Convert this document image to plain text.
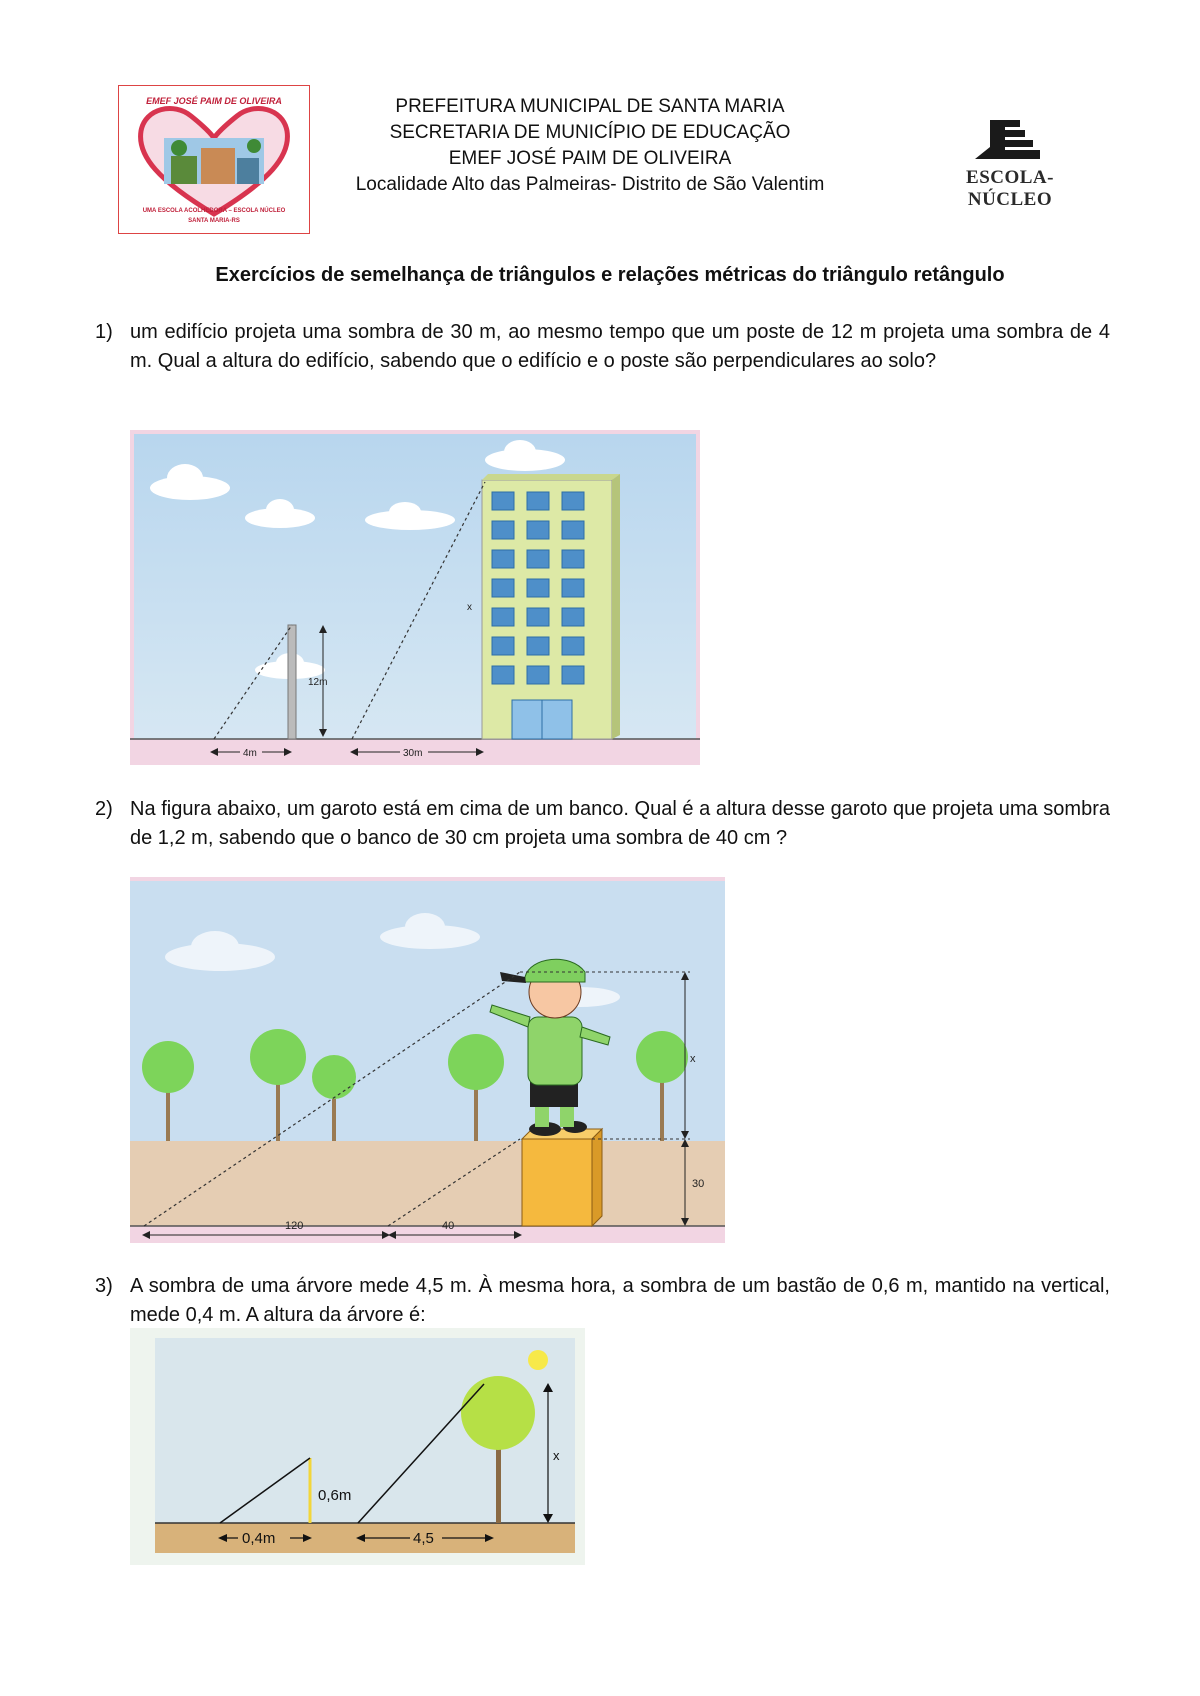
EMEF JOSÉ PAIM DE OLIVEIRA
UMA ESCOLA ACOLHEDORA – ESCOLA NÚCLEO
SANTA MARIA-RS
PREFEITURA MUNICIPAL DE SANTA MARIA
SECRETARIA DE MUNICÍPIO DE EDUCAÇÃO
EMEF JOSÉ PAIM DE OLIVEIRA
Localidade Alto das Palmeiras- Distrito de São Valentim	ESCOLA-NÚCLEO
Exercícios de semelhança de triângulos e relações métricas do triângulo retângulo
1) um edifício projeta uma sombra de 30 m, ao mesmo tempo que um poste de 12 m projeta uma sombra de 4 m. Qual a altura do edifício, sabendo que o edifício e o poste são perpendiculares ao solo?
12m
x
4m	30m
2) Na figura abaixo, um garoto está em cima de um banco. Qual é a altura desse garoto que projeta uma sombra de 1,2 m, sabendo que o banco de 30 cm projeta uma sombra de 40 cm ?
x
30
120	40
3) A sombra de uma árvore mede 4,5 m. À mesma hora, a sombra de um bastão de 0,6 m, mantido na vertical, mede 0,4 m. A altura da árvore é:
0,6m
x
0,4m	4,5
